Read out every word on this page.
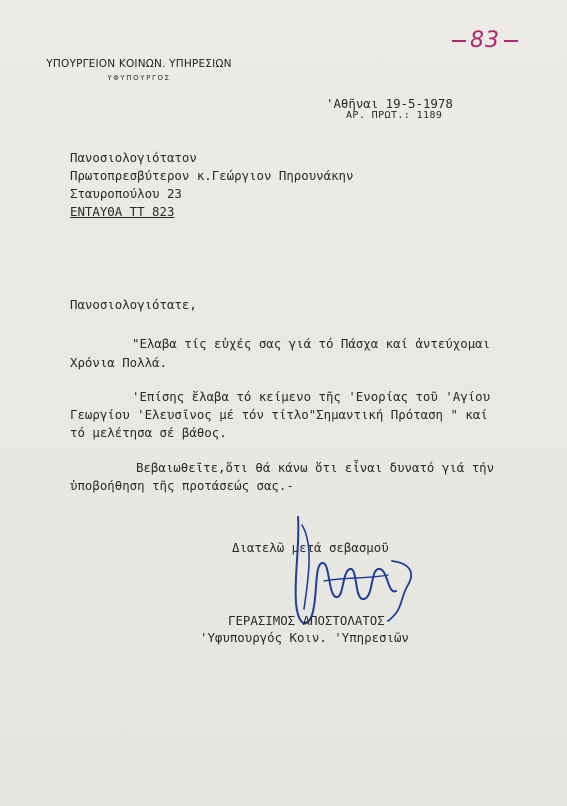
ΥΠΟΥΡΓΕΙΟΝ ΚΟΙΝΩΝ. ΥΠΗΡΕΣΙΩΝ
ΥΦΥΠΟΥΡΓΟΣ
83
'Αθῆναι 19-5-1978
ΑΡ. ΠΡΩΤ.: 1189
Πανοσιολογιότατον
Πρωτοπρεσβύτερον κ.Γεώργιον Πηρουνάκην
Σταυροπούλου 23
ΕΝΤΑΥΘΑ ΤΤ 823
Πανοσιολογιότατε,
"Ελαβα τίς εὐχές σας γιά τό Πάσχα καί ἀντεύχομαι
Χρόνια Πολλά.
'Επίσης ἔλαβα τό κείμενο τῆς 'Ενορίας τοῦ 'Αγίου
Γεωργίου 'Ελευσῖνος μέ τόν τίτλο"Σημαντική Πρόταση " καί
τό μελέτησα σέ βάθος.
Βεβαιωθεῖτε,ὅτι θά κάνω ὅτι εἶναι δυνατό γιά τήν
ὑποβοήθηση τῆς προτάσεώς σας.-
Διατελῶ μετά σεβασμοῦ
ΓΕΡΑΣΙΜΟΣ ΑΠΟΣΤΟΛΑΤΟΣ
'Υφυπουργός Κοιν. 'Υπηρεσιῶν
